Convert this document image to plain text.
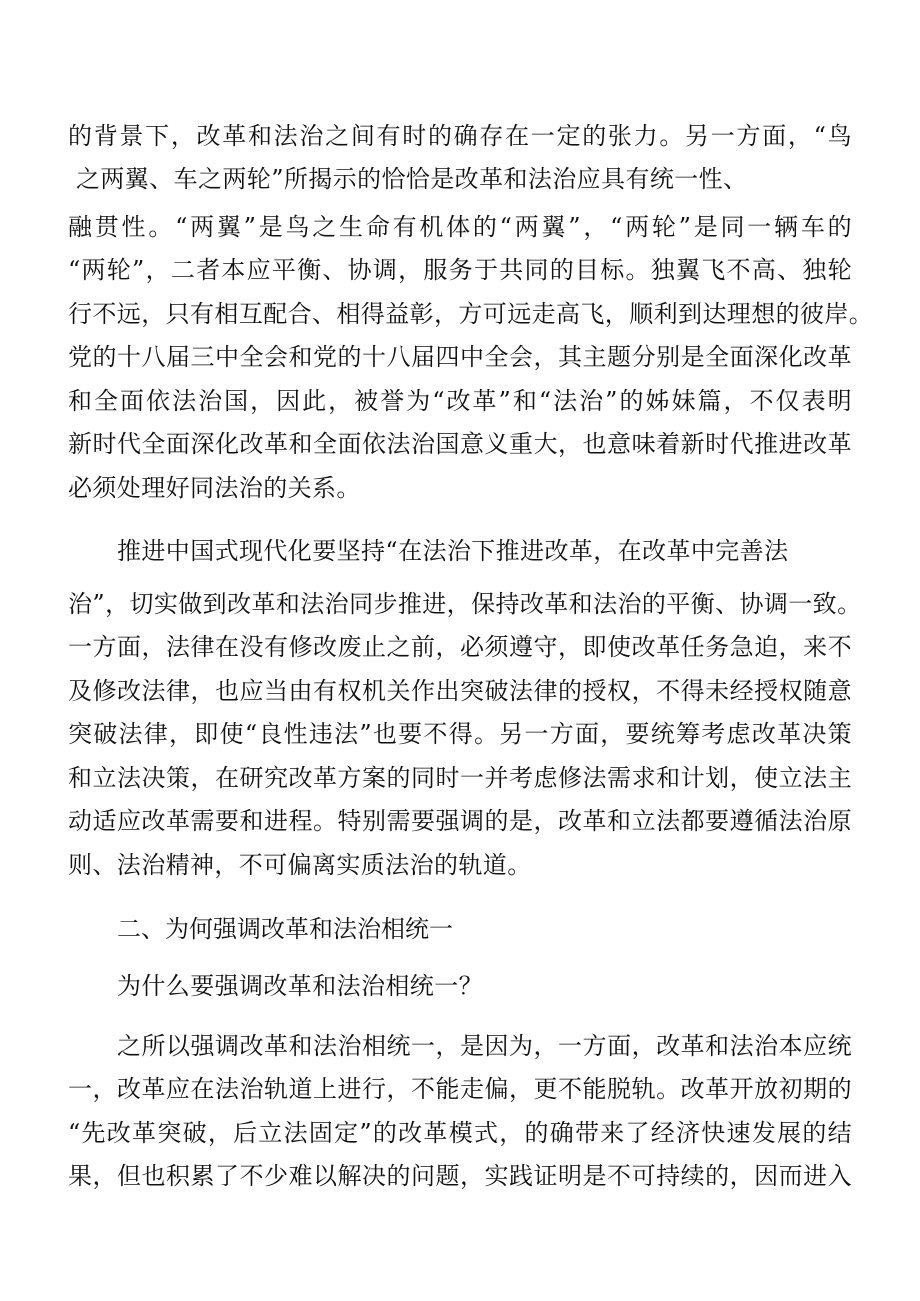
的背景下，改革和法治之间有时的确存在一定的张力。另一方面，“鸟
之两翼、车之两轮”所揭示的恰恰是改革和法治应具有统一性、
融贯性。“两翼”是鸟之生命有机体的“两翼”，“两轮”是同一辆车的
“两轮”，二者本应平衡、协调，服务于共同的目标。独翼飞不高、独轮
行不远，只有相互配合、相得益彰，方可远走高飞，顺利到达理想的彼岸。
党的十八届三中全会和党的十八届四中全会，其主题分别是全面深化改革
和全面依法治国，因此，被誉为“改革”和“法治”的姊妹篇，不仅表明
新时代全面深化改革和全面依法治国意义重大，也意味着新时代推进改革
必须处理好同法治的关系。
推进中国式现代化要坚持“在法治下推进改革，在改革中完善法
治”，切实做到改革和法治同步推进，保持改革和法治的平衡、协调一致。
一方面，法律在没有修改废止之前，必须遵守，即使改革任务急迫，来不
及修改法律，也应当由有权机关作出突破法律的授权，不得未经授权随意
突破法律，即使“良性违法”也要不得。另一方面，要统筹考虑改革决策
和立法决策，在研究改革方案的同时一并考虑修法需求和计划，使立法主
动适应改革需要和进程。特别需要强调的是，改革和立法都要遵循法治原
则、法治精神，不可偏离实质法治的轨道。
二、为何强调改革和法治相统一
为什么要强调改革和法治相统一？
之所以强调改革和法治相统一，是因为，一方面，改革和法治本应统
一，改革应在法治轨道上进行，不能走偏，更不能脱轨。改革开放初期的
“先改革突破，后立法固定”的改革模式，的确带来了经济快速发展的结
果，但也积累了不少难以解决的问题，实践证明是不可持续的，因而进入
